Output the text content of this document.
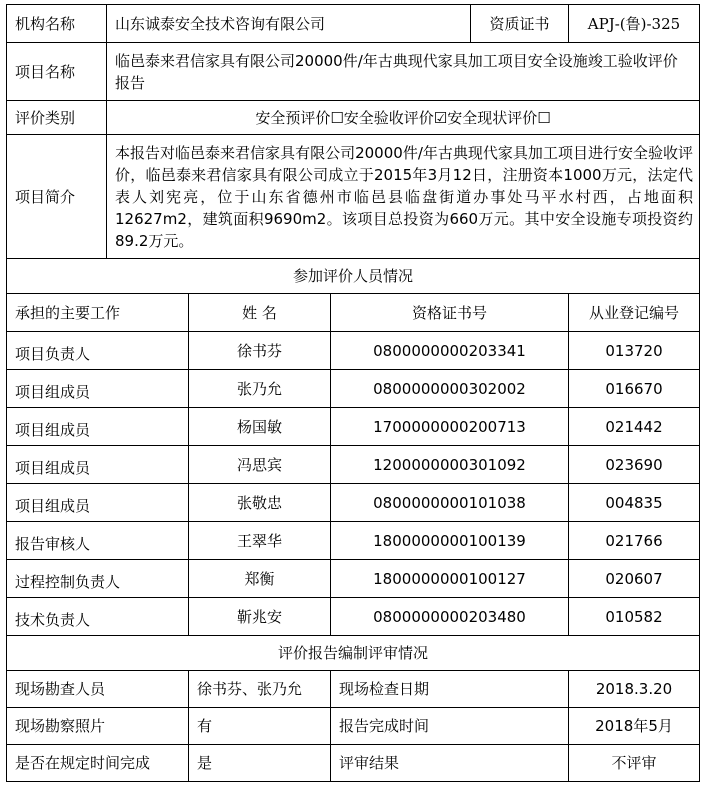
机构名称	山东诚泰安全技术咨询有限公司			资质证书	APJ-(鲁)-325
项目名称	临邑泰来君信家具有限公司20000件/年古典现代家具加工项目安全设施竣工验收评价报告				
评价类别	安全预评价☐安全验收评价☑安全现状评价☐				
项目简介	本报告对临邑泰来君信家具有限公司20000件/年古典现代家具加工项目进行安全验收评价，临邑泰来君信家具有限公司成立于2015年3月12日，注册资本1000万元，法定代表人刘宪亮，位于山东省德州市临邑县临盘街道办事处马平水村西，占地面积12627m2，建筑面积9690m2。该项目总投资为660万元。其中安全设施专项投资约89.2万元。				
参加评价人员情况					
承担的主要工作		姓 名	资格证书号		从业登记编号
项目负责人		徐书芬	0800000000203341		013720
项目组成员		张乃允	0800000000302002		016670
项目组成员		杨国敏	1700000000200713		021442
项目组成员		冯思宾	1200000000301092		023690
项目组成员		张敬忠	0800000000101038		004835
报告审核人		王翠华	1800000000100139		021766
过程控制负责人		郑衡	1800000000100127		020607
技术负责人		靳兆安	0800000000203480		010582
评价报告编制评审情况					
现场勘查人员		徐书芬、张乃允	现场检查日期		2018.3.20
现场勘察照片		有	报告完成时间		2018年5月
是否在规定时间完成		是	评审结果		不评审
